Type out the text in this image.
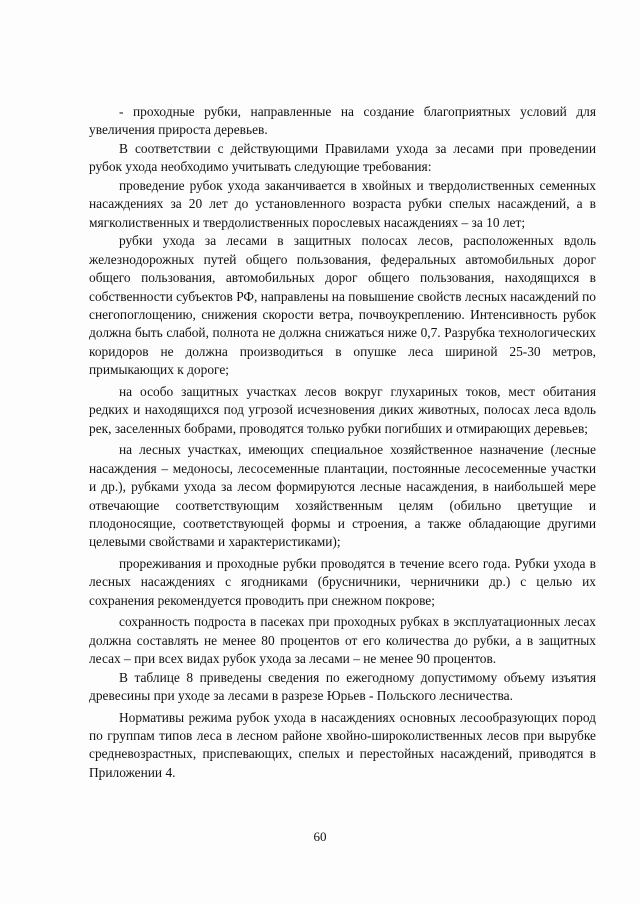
- проходные рубки, направленные на создание благоприятных условий для увеличения прироста деревьев.

В соответствии с действующими Правилами ухода за лесами при проведении рубок ухода необходимо учитывать следующие требования:

проведение рубок ухода заканчивается в хвойных и твердолиственных семенных насаждениях за 20 лет до установленного возраста рубки спелых насаждений, а в мягколиственных и твердолиственных порослевых насаждениях – за 10 лет;

рубки ухода за лесами в защитных полосах лесов, расположенных вдоль железнодорожных путей общего пользования, федеральных автомобильных дорог общего пользования, автомобильных дорог общего пользования, находящихся в собственности субъектов РФ, направлены на повышение свойств лесных насаждений по снегопоглощению, снижения скорости ветра, почвоукреплению. Интенсивность рубок должна быть слабой, полнота не должна снижаться ниже 0,7. Разрубка технологических коридоров не должна производиться в опушке леса шириной 25-30 метров, примыкающих к дороге;

на особо защитных участках лесов вокруг глухариных токов, мест обитания редких и находящихся под угрозой исчезновения диких животных, полосах леса вдоль рек, заселенных бобрами, проводятся только рубки погибших и отмирающих деревьев;

на лесных участках, имеющих специальное хозяйственное назначение (лесные насаждения – медоносы, лесосеменные плантации, постоянные лесосеменные участки и др.), рубками ухода за лесом формируются лесные насаждения, в наибольшей мере отвечающие соответствующим хозяйственным целям (обильно цветущие и плодоносящие, соответствующей формы и строения, а также обладающие другими целевыми свойствами и характеристиками);

прореживания и проходные рубки проводятся в течение всего года. Рубки ухода в лесных насаждениях с ягодниками (брусничники, черничники др.) с целью их сохранения рекомендуется проводить при снежном покрове;

сохранность подроста в пасеках при проходных рубках в эксплуатационных лесах должна составлять не менее 80 процентов от его количества до рубки, а в защитных лесах – при всех видах рубок ухода за лесами – не менее 90 процентов.

В таблице 8 приведены сведения по ежегодному допустимому объему изъятия древесины при уходе за лесами в разрезе Юрьев - Польского лесничества.

Нормативы режима рубок ухода в насаждениях основных лесообразующих пород по группам типов леса в лесном районе хвойно-широколиственных лесов при вырубке средневозрастных, приспевающих, спелых и перестойных насаждений, приводятся в Приложении 4.

60
